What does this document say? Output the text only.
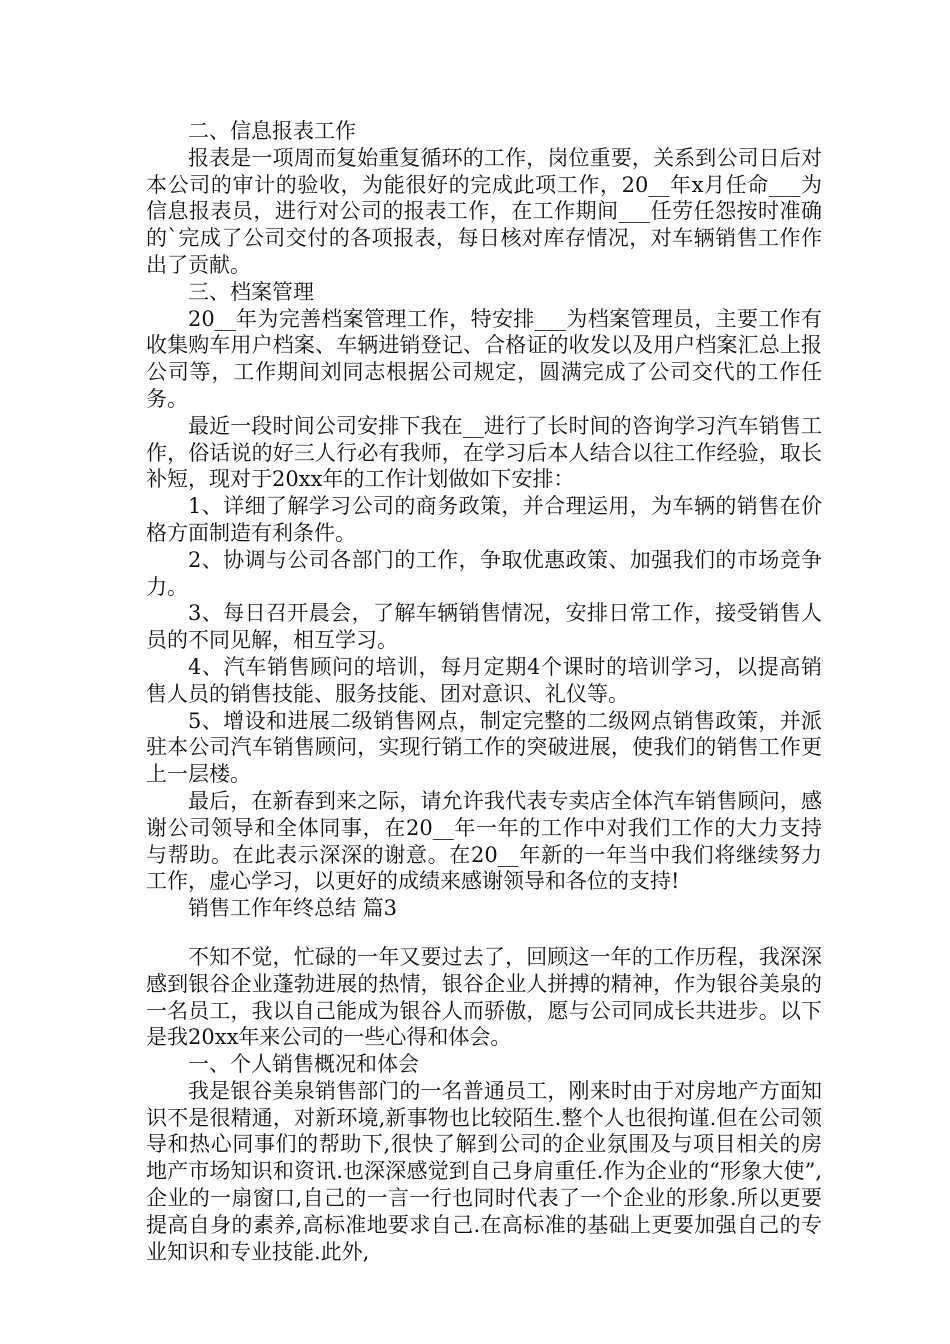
二、信息报表工作

报表是一项周而复始重复循环的工作，岗位重要，关系到公司日后对本公司的审计的验收，为能很好的完成此项工作，20__年x月任命___为信息报表员，进行对公司的报表工作，在工作期间___任劳任怨按时准确的`完成了公司交付的各项报表，每日核对库存情况，对车辆销售工作作出了贡献。

三、档案管理

20__年为完善档案管理工作，特安排___为档案管理员，主要工作有收集购车用户档案、车辆进销登记、合格证的收发以及用户档案汇总上报公司等，工作期间刘同志根据公司规定，圆满完成了公司交代的工作任务。

最近一段时间公司安排下我在__进行了长时间的咨询学习汽车销售工作，俗话说的好三人行必有我师，在学习后本人结合以往工作经验，取长补短，现对于20xx年的工作计划做如下安排：

1、详细了解学习公司的商务政策，并合理运用，为车辆的销售在价格方面制造有利条件。

2、协调与公司各部门的工作，争取优惠政策、加强我们的市场竞争力。

3、每日召开晨会，了解车辆销售情况，安排日常工作，接受销售人员的不同见解，相互学习。

4、汽车销售顾问的培训，每月定期4个课时的培训学习，以提高销售人员的销售技能、服务技能、团对意识、礼仪等。

5、增设和进展二级销售网点，制定完整的二级网点销售政策，并派驻本公司汽车销售顾问，实现行销工作的突破进展，使我们的销售工作更上一层楼。

最后，在新春到来之际，请允许我代表专卖店全体汽车销售顾问，感谢公司领导和全体同事，在20__年一年的工作中对我们工作的大力支持与帮助。在此表示深深的谢意。在20__年新的一年当中我们将继续努力工作，虚心学习，以更好的成绩来感谢领导和各位的支持!

销售工作年终总结 篇3

不知不觉，忙碌的一年又要过去了，回顾这一年的工作历程，我深深感到银谷企业蓬勃进展的热情，银谷企业人拼搏的精神，作为银谷美泉的一名员工，我以自己能成为银谷人而骄傲，愿与公司同成长共进步。以下是我20xx年来公司的一些心得和体会。

一、个人销售概况和体会

我是银谷美泉销售部门的一名普通员工，刚来时由于对房地产方面知识不是很精通，对新环境,新事物也比较陌生.整个人也很拘谨.但在公司领导和热心同事们的帮助下,很快了解到公司的企业氛围及与项目相关的房地产市场知识和资讯.也深深感觉到自己身肩重任.作为企业的“形象大使”,企业的一扇窗口,自己的一言一行也同时代表了一个企业的形象.所以更要提高自身的素养,高标准地要求自己.在高标准的基础上更要加强自己的专业知识和专业技能.此外,
